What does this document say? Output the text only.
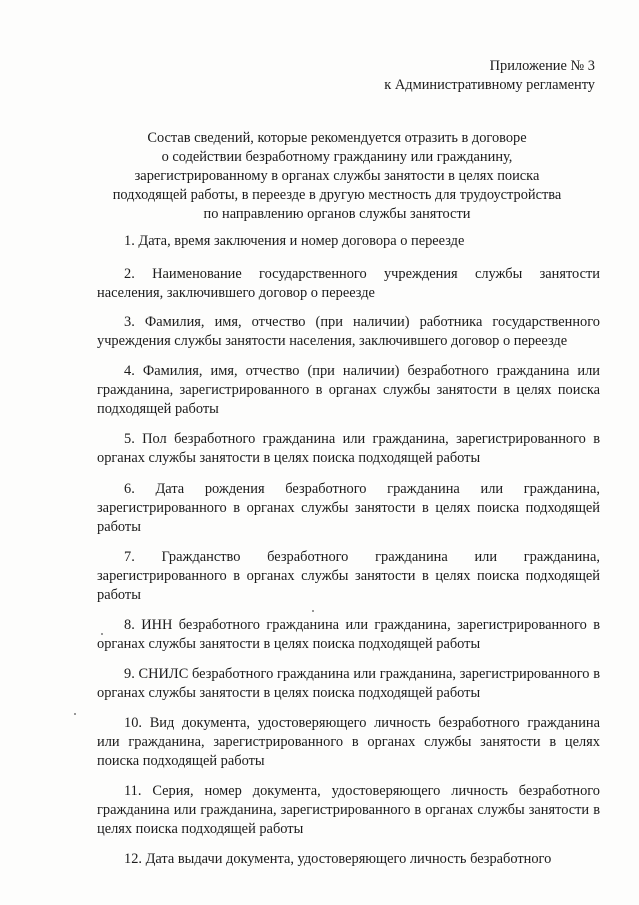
Приложение № 3
к Административному регламенту
Состав сведений, которые рекомендуется отразить в договоре
о содействии безработному гражданину или гражданину,
зарегистрированному в органах службы занятости в целях поиска
подходящей работы, в переезде в другую местность для трудоустройства
по направлению органов службы занятости

1. Дата, время заключения и номер договора о переезде

2. Наименование государственного учреждения службы занятости населения, заключившего договор о переезде

3. Фамилия, имя, отчество (при наличии) работника государственного учреждения службы занятости населения, заключившего договор о переезде

4. Фамилия, имя, отчество (при наличии) безработного гражданина или гражданина, зарегистрированного в органах службы занятости в целях поиска подходящей работы

5. Пол безработного гражданина или гражданина, зарегистрированного в органах службы занятости в целях поиска подходящей работы

6. Дата рождения безработного гражданина или гражданина, зарегистрированного в органах службы занятости в целях поиска подходящей работы

7. Гражданство безработного гражданина или гражданина, зарегистрированного в органах службы занятости в целях поиска подходящей работы

8. ИНН безработного гражданина или гражданина, зарегистрированного в органах службы занятости в целях поиска подходящей работы

9. СНИЛС безработного гражданина или гражданина, зарегистрированного в органах службы занятости в целях поиска подходящей работы

10. Вид документа, удостоверяющего личность безработного гражданина или гражданина, зарегистрированного в органах службы занятости в целях поиска подходящей работы

11. Серия, номер документа, удостоверяющего личность безработного гражданина или гражданина, зарегистрированного в органах службы занятости в целях поиска подходящей работы

12. Дата выдачи документа, удостоверяющего личность безработного
